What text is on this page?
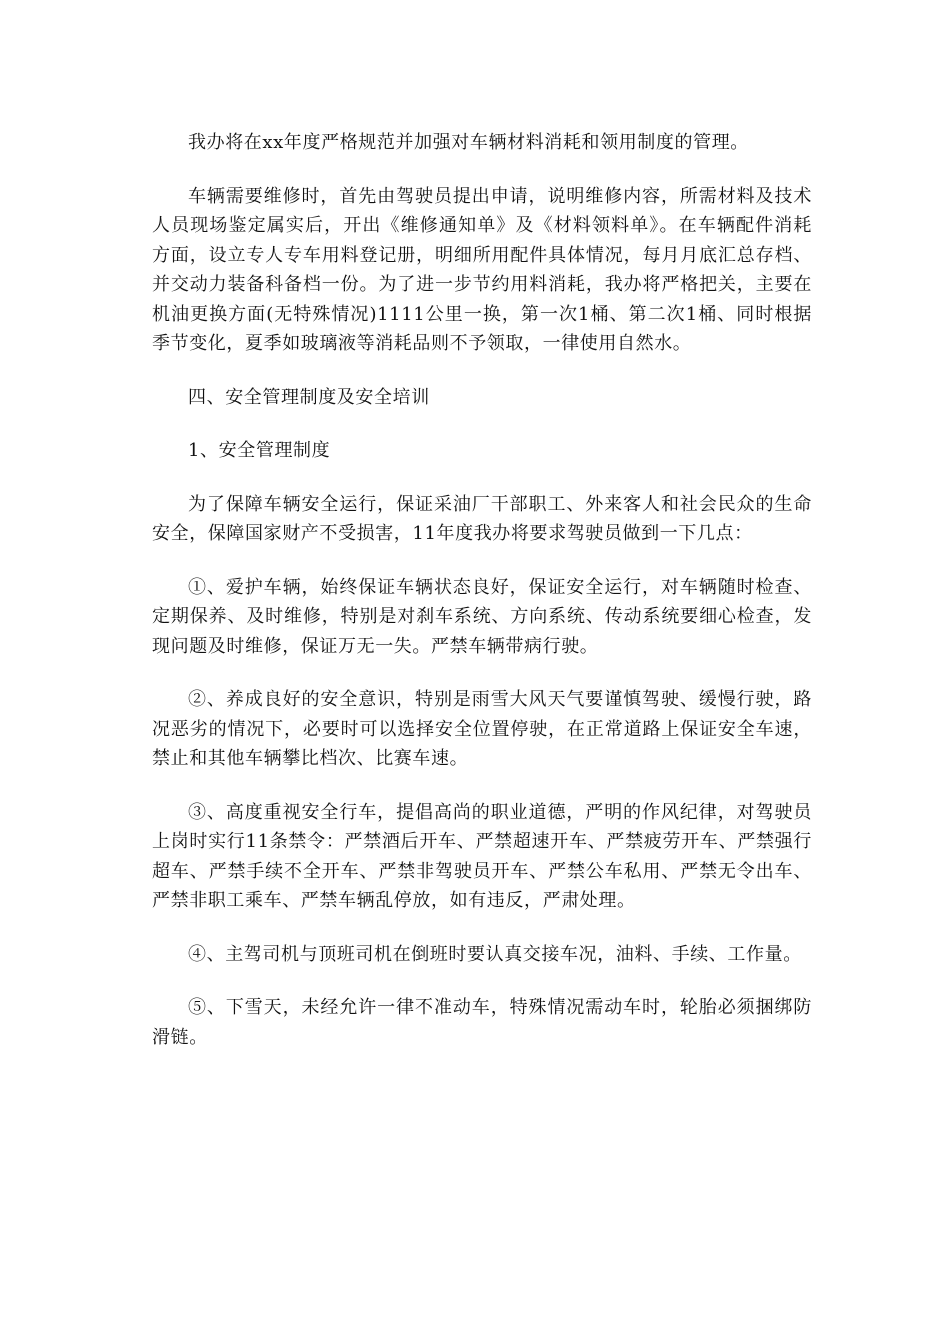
我办将在xx年度严格规范并加强对车辆材料消耗和领用制度的管理。

车辆需要维修时，首先由驾驶员提出申请，说明维修内容，所需材料及技术人员现场鉴定属实后，开出《维修通知单》及《材料领料单》。在车辆配件消耗方面，设立专人专车用料登记册，明细所用配件具体情况，每月月底汇总存档、并交动力装备科备档一份。为了进一步节约用料消耗，我办将严格把关，主要在机油更换方面(无特殊情况)1111公里一换，第一次1桶、第二次1桶、同时根据季节变化，夏季如玻璃液等消耗品则不予领取，一律使用自然水。

四、安全管理制度及安全培训

1、安全管理制度

为了保障车辆安全运行，保证采油厂干部职工、外来客人和社会民众的生命安全，保障国家财产不受损害，11年度我办将要求驾驶员做到一下几点：

①、爱护车辆，始终保证车辆状态良好，保证安全运行，对车辆随时检查、定期保养、及时维修，特别是对刹车系统、方向系统、传动系统要细心检查，发现问题及时维修，保证万无一失。严禁车辆带病行驶。

②、养成良好的安全意识，特别是雨雪大风天气要谨慎驾驶、缓慢行驶，路况恶劣的情况下，必要时可以选择安全位置停驶，在正常道路上保证安全车速，禁止和其他车辆攀比档次、比赛车速。

③、高度重视安全行车，提倡高尚的职业道德，严明的作风纪律，对驾驶员上岗时实行11条禁令：严禁酒后开车、严禁超速开车、严禁疲劳开车、严禁强行超车、严禁手续不全开车、严禁非驾驶员开车、严禁公车私用、严禁无令出车、严禁非职工乘车、严禁车辆乱停放，如有违反，严肃处理。

④、主驾司机与顶班司机在倒班时要认真交接车况，油料、手续、工作量。

⑤、下雪天，未经允许一律不准动车，特殊情况需动车时，轮胎必须捆绑防滑链。
